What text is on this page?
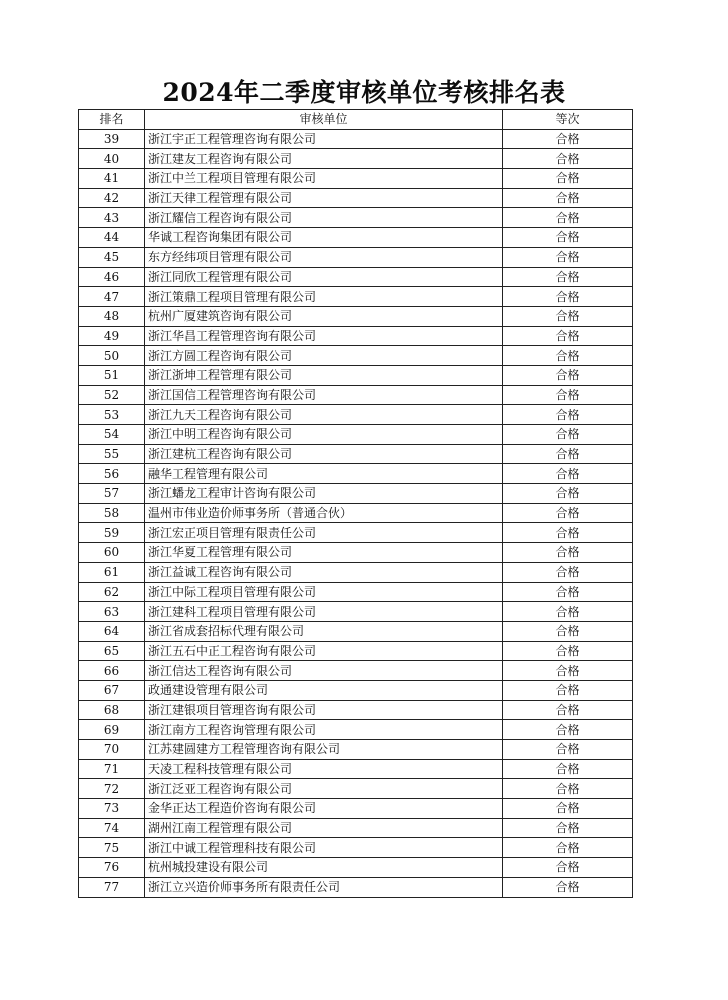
2024年二季度审核单位考核排名表
排名	审核单位	等次
39	浙江宇正工程管理咨询有限公司	合格
40	浙江建友工程咨询有限公司	合格
41	浙江中兰工程项目管理有限公司	合格
42	浙江天律工程管理有限公司	合格
43	浙江耀信工程咨询有限公司	合格
44	华诚工程咨询集团有限公司	合格
45	东方经纬项目管理有限公司	合格
46	浙江同欣工程管理有限公司	合格
47	浙江策鼎工程项目管理有限公司	合格
48	杭州广厦建筑咨询有限公司	合格
49	浙江华昌工程管理咨询有限公司	合格
50	浙江方圆工程咨询有限公司	合格
51	浙江浙坤工程管理有限公司	合格
52	浙江国信工程管理咨询有限公司	合格
53	浙江九天工程咨询有限公司	合格
54	浙江中明工程咨询有限公司	合格
55	浙江建杭工程咨询有限公司	合格
56	融华工程管理有限公司	合格
57	浙江蟠龙工程审计咨询有限公司	合格
58	温州市伟业造价师事务所（普通合伙）	合格
59	浙江宏正项目管理有限责任公司	合格
60	浙江华夏工程管理有限公司	合格
61	浙江益诚工程咨询有限公司	合格
62	浙江中际工程项目管理有限公司	合格
63	浙江建科工程项目管理有限公司	合格
64	浙江省成套招标代理有限公司	合格
65	浙江五石中正工程咨询有限公司	合格
66	浙江信达工程咨询有限公司	合格
67	政通建设管理有限公司	合格
68	浙江建银项目管理咨询有限公司	合格
69	浙江南方工程咨询管理有限公司	合格
70	江苏建圆建方工程管理咨询有限公司	合格
71	天凌工程科技管理有限公司	合格
72	浙江泛亚工程咨询有限公司	合格
73	金华正达工程造价咨询有限公司	合格
74	湖州江南工程管理有限公司	合格
75	浙江中诚工程管理科技有限公司	合格
76	杭州城投建设有限公司	合格
77	浙江立兴造价师事务所有限责任公司	合格
